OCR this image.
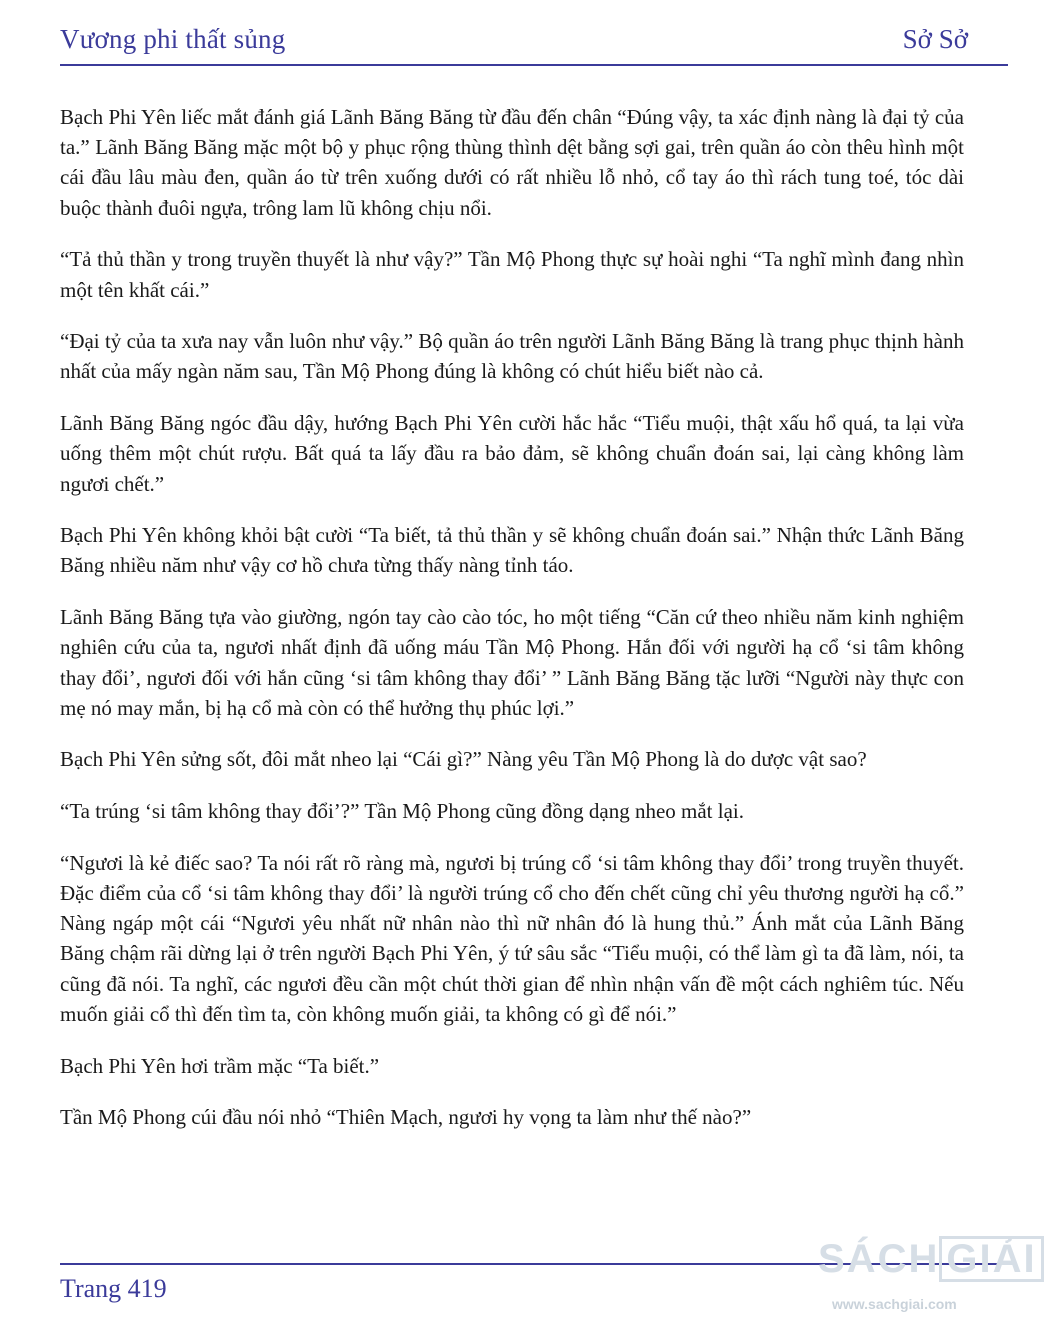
Vương phi thất sủng	Sở Sở

Bạch Phi Yên liếc mắt đánh giá Lãnh Băng Băng từ đầu đến chân “Đúng vậy, ta xác định nàng là đại tỷ của ta.” Lãnh Băng Băng mặc một bộ y phục rộng thùng thình dệt bằng sợi gai, trên quần áo còn thêu hình một cái đầu lâu màu đen, quần áo từ trên xuống dưới có rất nhiều lỗ nhỏ, cổ tay áo thì rách tung toé, tóc dài buộc thành đuôi ngựa, trông lam lũ không chịu nổi.

“Tả thủ thần y trong truyền thuyết là như vậy?” Tần Mộ Phong thực sự hoài nghi “Ta nghĩ mình đang nhìn một tên khất cái.”

“Đại tỷ của ta xưa nay vẫn luôn như vậy.” Bộ quần áo trên người Lãnh Băng Băng là trang phục thịnh hành nhất của mấy ngàn năm sau, Tần Mộ Phong đúng là không có chút hiểu biết nào cả.

Lãnh Băng Băng ngóc đầu dậy, hướng Bạch Phi Yên cười hắc hắc “Tiểu muội, thật xấu hổ quá, ta lại vừa uống thêm một chút rượu. Bất quá ta lấy đầu ra bảo đảm, sẽ không chuẩn đoán sai, lại càng không làm ngươi chết.”

Bạch Phi Yên không khỏi bật cười “Ta biết, tả thủ thần y sẽ không chuẩn đoán sai.” Nhận thức Lãnh Băng Băng nhiều năm như vậy cơ hồ chưa từng thấy nàng tỉnh táo.

Lãnh Băng Băng tựa vào giường, ngón tay cào cào tóc, ho một tiếng “Căn cứ theo nhiều năm kinh nghiệm nghiên cứu của ta, ngươi nhất định đã uống máu Tần Mộ Phong. Hắn đối với người hạ cổ ‘si tâm không thay đổi’, ngươi đối với hắn cũng ‘si tâm không thay đổi’ ” Lãnh Băng Băng tặc lưỡi “Người này thực con mẹ nó may mắn, bị hạ cổ mà còn có thể hưởng thụ phúc lợi.”

Bạch Phi Yên sửng sốt, đôi mắt nheo lại “Cái gì?” Nàng yêu Tần Mộ Phong là do dược vật sao?

“Ta trúng ‘si tâm không thay đổi’?” Tần Mộ Phong cũng đồng dạng nheo mắt lại.

“Ngươi là kẻ điếc sao? Ta nói rất rõ ràng mà, ngươi bị trúng cổ ‘si tâm không thay đổi’ trong truyền thuyết. Đặc điểm của cổ ‘si tâm không thay đổi’ là người trúng cổ cho đến chết cũng chỉ yêu thương người hạ cổ.” Nàng ngáp một cái “Ngươi yêu nhất nữ nhân nào thì nữ nhân đó là hung thủ.” Ánh mắt của Lãnh Băng Băng chậm rãi dừng lại ở trên người Bạch Phi Yên, ý tứ sâu sắc “Tiểu muội, có thể làm gì ta đã làm, nói, ta cũng đã nói. Ta nghĩ, các ngươi đều cần một chút thời gian để nhìn nhận vấn đề một cách nghiêm túc. Nếu muốn giải cổ thì đến tìm ta, còn không muốn giải, ta không có gì để nói.”

Bạch Phi Yên hơi trầm mặc “Ta biết.”

Tần Mộ Phong cúi đầu nói nhỏ “Thiên Mạch, ngươi hy vọng ta làm như thế nào?”

Trang 419
SÁCH GIẢI
www.sachgiai.com
